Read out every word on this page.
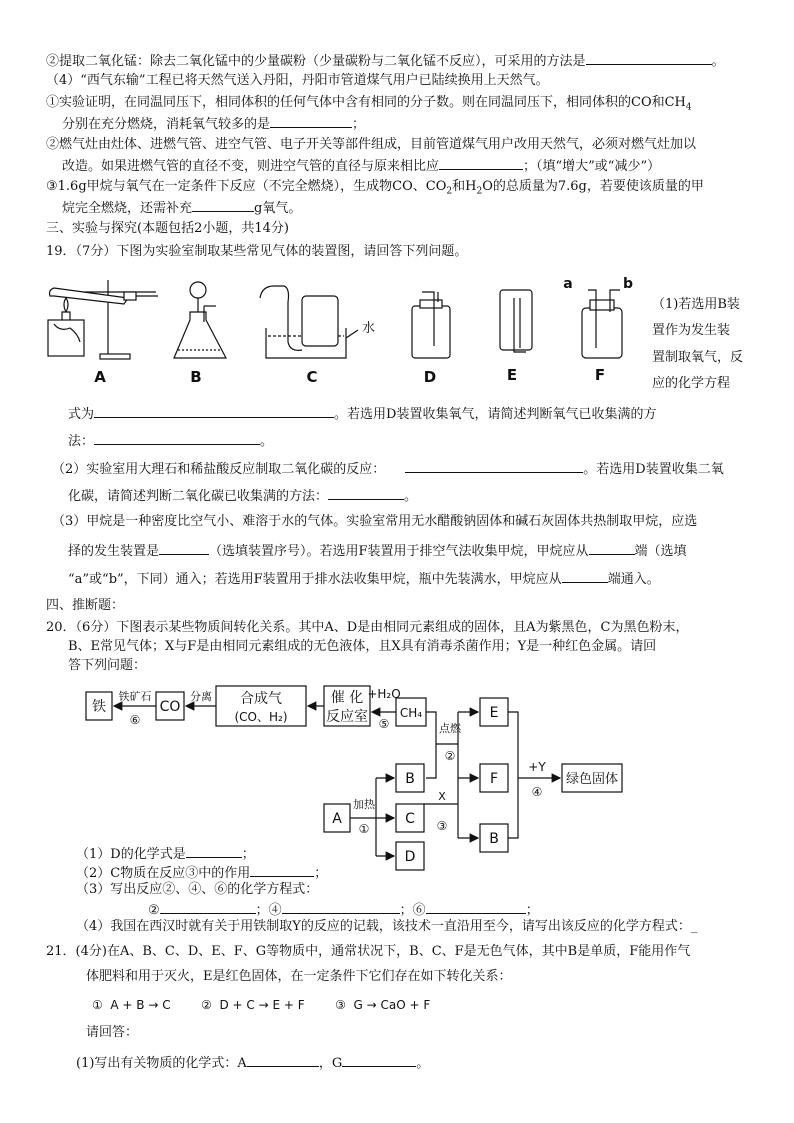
②提取二氧化锰：除去二氧化锰中的少量碳粉（少量碳粉与二氧化锰不反应），可采用的方法是	。
（4）“西气东输”工程已将天然气送入丹阳，丹阳市管道煤气用户已陆续换用上天然气。
①实验证明，在同温同压下，相同体积的任何气体中含有相同的分子数。则在同温同压下，相同体积的CO和$CH_4$
分别在充分燃烧，消耗氧气较多的是	；
②燃气灶由灶体、进燃气管、进空气管、电子开关等部件组成，目前管道煤气用户改用天然气，必须对燃气灶加以
改造。如果进燃气管的直径不变，则进空气管的直径与原来相比应	；（填“增大”或“减少”）
③1.6g甲烷与氧气在一定条件下反应（不完全燃烧），生成物CO、$CO_2$和$H_2O$的总质量为7.6g，若要使该质量的甲
烷完全燃烧，还需补充	g氧气。
三、实验与探究(本题包括2小题，共14分)
19．（7分）下图为实验室制取某些常见气体的装置图，请回答下列问题。
A	B	C	D	E	F
a	b
水
（1)若选用B装
置作为发生装
置制取氧气，反
应的化学方程
式为	。若选用D装置收集氧气，请简述判断氧气已收集满的方
法：	。
（2）实验室用大理石和稀盐酸反应制取二氧化碳的反应：	。若选用D装置收集二氧
化碳，请简述判断二氧化碳已收集满的方法：	。
（3）甲烷是一种密度比空气小、难溶于水的气体。实验室常用无水醋酸钠固体和碱石灰固体共热制取甲烷，应选
择的发生装置是	（选填装置序号）。若选用F装置用于排空气法收集甲烷，甲烷应从	端（选填
“a”或“b”，下同）通入；若选用F装置用于排水法收集甲烷，瓶中先装满水，甲烷应从	端通入。
四、推断题：
20．（6分）下图表示某些物质间转化关系。其中A、D是由相同元素组成的固体，且A为紫黑色，C为黑色粉末，
B、E常见气体；X与F是由相同元素组成的无色液体，且X具有消毒杀菌作用；Y是一种红色金属。请回
答下列问题：
铁
铁矿石
⑥
CO
分离 合成气
(CO、H₂)
催 化
反应室
+H₂O
⑤
CH₄
点燃
②
E
B	F
+Y
④
绿色固体
A
加热
①
C
X
③
D
B
（1）D的化学式是	；
（2）C物质在反应③中的作用	；
（3）写出反应②、④、⑥的化学方程式：
②	；④	；⑥	；
（4）我国在西汉时就有关于用铁制取Y的反应的记载，该技术一直沿用至今，请写出该反应的化学方程式：_
21．(4分)在A、B、C、D、E、F、G等物质中，通常状况下，B、C、F是无色气体，其中B是单质，F能用作气
体肥料和用于灭火，E是红色固体，在一定条件下它们存在如下转化关系：
①  A + B → C        ②  D + C → E + F        ③  G → CaO + F
请回答：
(1)写出有关物质的化学式：A	，G	。
